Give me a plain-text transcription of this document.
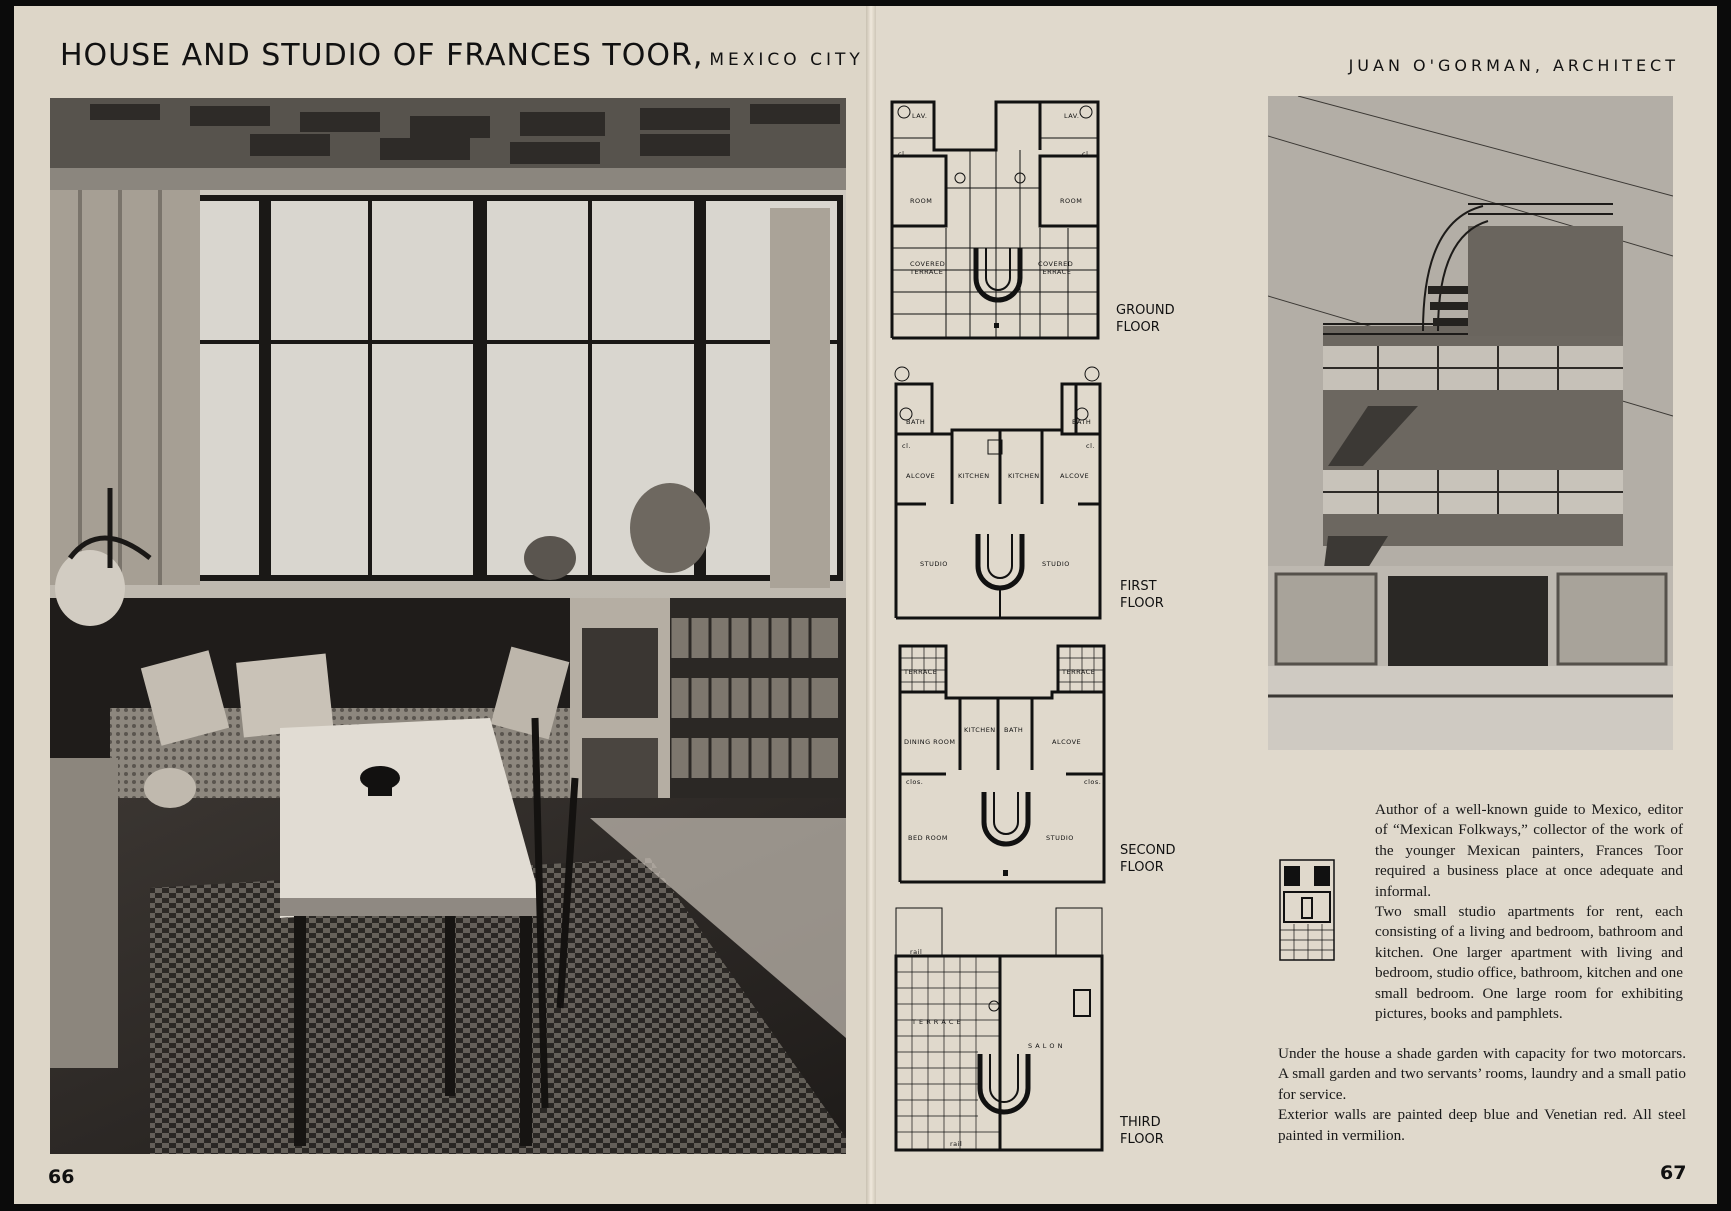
HOUSE AND STUDIO OF FRANCES TOOR, MEXICO CITY	JUAN O'GORMAN, ARCHITECT
LAV.	LAV.
cl.	cl.
ROOM	ROOM
COVERED
TERRACE
COVERED
TERRACE
GROUND
FLOOR
BATH	BATH
cl.	cl.
ALCOVE	KITCHEN	KITCHEN	ALCOVE
STUDIO	STUDIO
FIRST
FLOOR
TERRACE	TERRACE
KITCHEN BATH
DINING ROOM	ALCOVE
clos.	clos.
BED ROOM	STUDIO
SECOND
FLOOR
rail
T E R R A C E
S A L O N
rail
THIRD
FLOOR

Author of a well-known guide to Mexico, editor of “Mexican Folkways,” collector of the work of the younger Mexican painters, Frances Toor required a business place at once adequate and informal.

Two small studio apartments for rent, each consisting of a living and bedroom, bathroom and kitchen. One larger apartment with living and bedroom, studio office, bathroom, kitchen and one small bedroom. One large room for exhibiting pictures, books and pamphlets.

Under the house a shade garden with capacity for two motorcars. A small garden and two servants’ rooms, laundry and a small patio for service.

Exterior walls are painted deep blue and Venetian red. All steel painted in vermilion.

66	67
